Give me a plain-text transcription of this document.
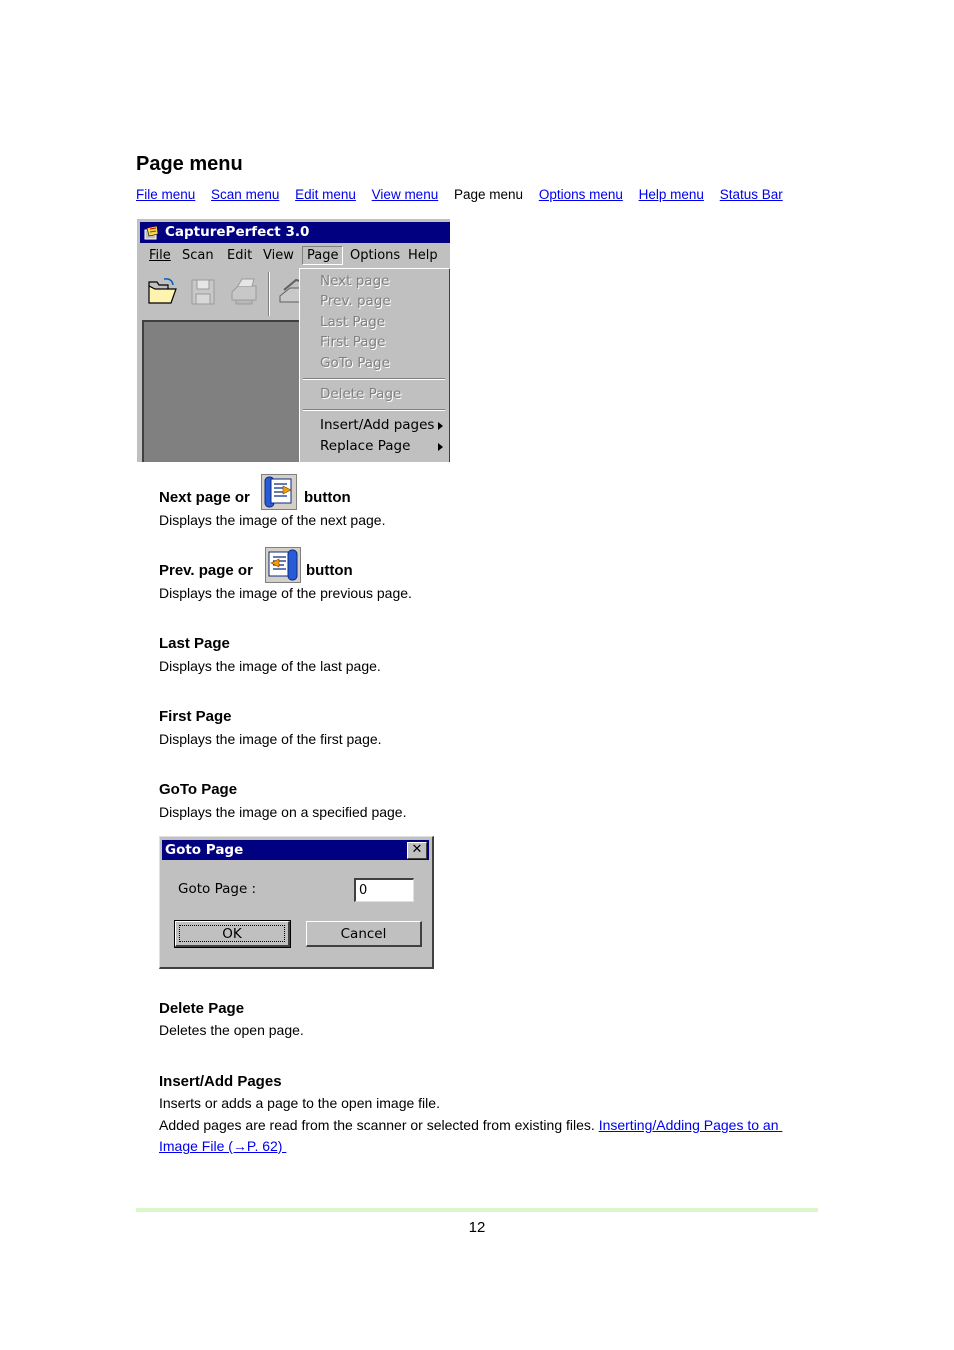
Page menu
File menu Scan menu Edit menu View menu Page menu Options menu Help menu Status Bar
CapturePerfect 3.0
File Scan Edit View	Page Options Help
Next page
Prev. page
Last Page
First Page
GoTo Page
Delete Page
Insert/Add pages
Replace Page
Next page or	button
Displays the image of the next page.
Prev. page or	button
Displays the image of the previous page.
Last Page
Displays the image of the last page.
First Page
Displays the image of the first page.
GoTo Page
Displays the image on a specified page.
Goto Page	✕
Goto Page :	0
OK	Cancel
Delete Page
Deletes the open page.
Insert/Add Pages
Inserts or adds a page to the open image file.
Added pages are read from the scanner or selected from existing files. Inserting/Adding Pages to an
Image File (→P. 62)
12
